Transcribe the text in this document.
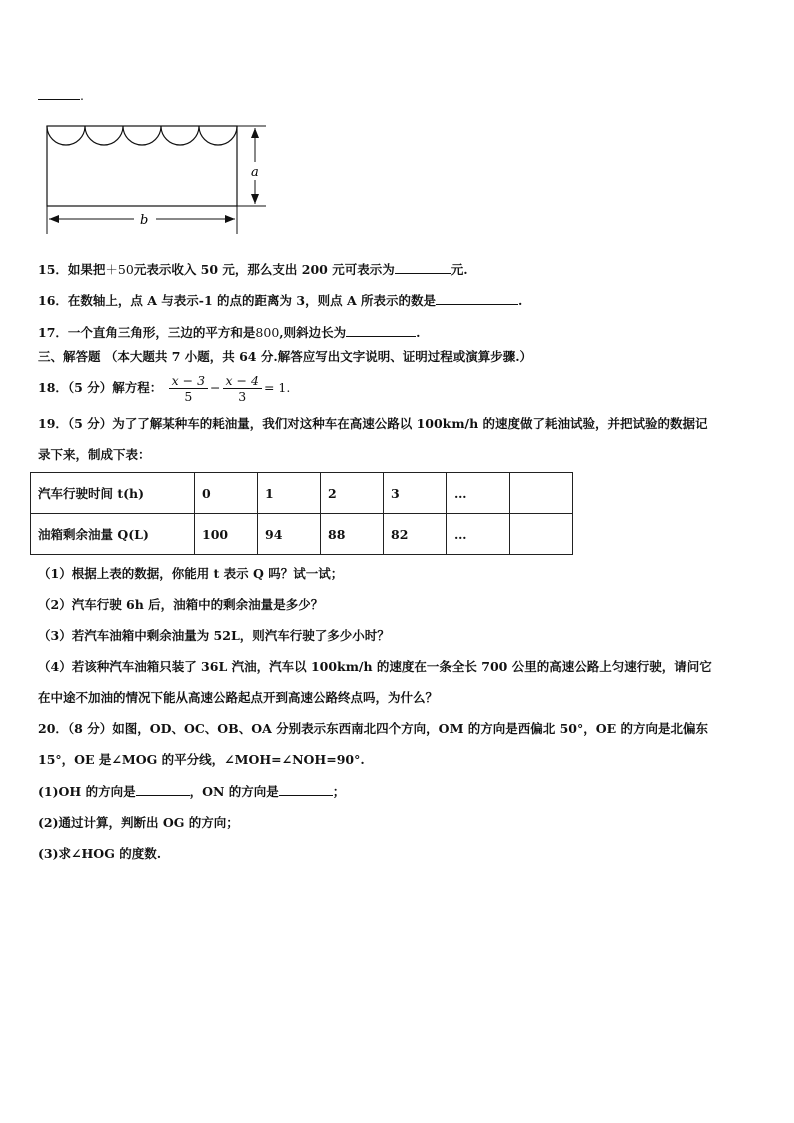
.
a
b
15．如果把＋50元表示收入 50 元，那么支出 200 元可表示为	元.
16．在数轴上，点 A 与表示-1 的点的距离为 3，则点 A 所表示的数是	.
17．一个直角三角形，三边的平方和是800,则斜边长为	.
三、解答题 （本大题共 7 小题，共 64 分.解答应写出文字说明、证明过程或演算步骤.）
18．（5 分）解方程： $\frac{x - 3}{5} - \frac{x - 4}{3} = 1$.
19．（5 分）为了了解某种车的耗油量，我们对这种车在高速公路以 100km/h 的速度做了耗油试验，并把试验的数据记
录下来，制成下表：
汽车行驶时间 t(h)	0	1	2	3	…	
油箱剩余油量 Q(L)	100	94	88	82	…	
（1）根据上表的数据，你能用 t 表示 Q 吗？试一试；
（2）汽车行驶 6h 后，油箱中的剩余油量是多少？
（3）若汽车油箱中剩余油量为 52L，则汽车行驶了多少小时？
（4）若该种汽车油箱只装了 36L 汽油，汽车以 100km/h 的速度在一条全长 700 公里的高速公路上匀速行驶，请问它
在中途不加油的情况下能从高速公路起点开到高速公路终点吗，为什么？
20．（8 分）如图，OD、OC、OB、OA 分别表示东西南北四个方向，OM 的方向是西偏北 50°，OE 的方向是北偏东
15°，OE 是∠MOG 的平分线，∠MOH=∠NOH=90°.
(1)OH 的方向是	，ON 的方向是	；
(2)通过计算，判断出 OG 的方向；
(3)求∠HOG 的度数.
